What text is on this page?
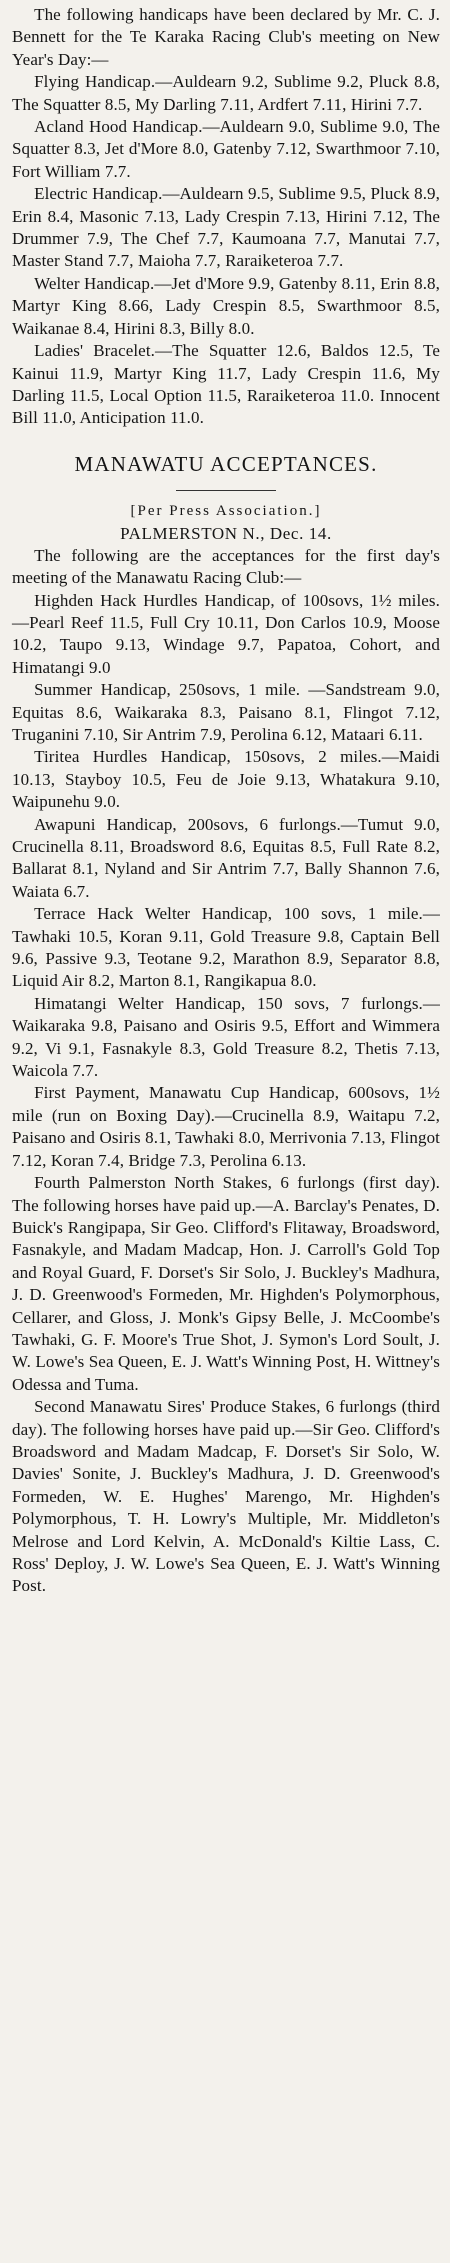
The following handicaps have been declared by Mr. C. J. Bennett for the Te Karaka Racing Club's meeting on New Year's Day:—

Flying Handicap.—Auldearn 9.2, Sublime 9.2, Pluck 8.8, The Squatter 8.5, My Darling 7.11, Ardfert 7.11, Hirini 7.7.

Acland Hood Handicap.—Auldearn 9.0, Sublime 9.0, The Squatter 8.3, Jet d'More 8.0, Gatenby 7.12, Swarthmoor 7.10, Fort William 7.7.

Electric Handicap.—Auldearn 9.5, Sublime 9.5, Pluck 8.9, Erin 8.4, Masonic 7.13, Lady Crespin 7.13, Hirini 7.12, The Drummer 7.9, The Chef 7.7, Kaumoana 7.7, Manutai 7.7, Master Stand 7.7, Maioha 7.7, Raraiketeroa 7.7.

Welter Handicap.—Jet d'More 9.9, Gatenby 8.11, Erin 8.8, Martyr King 8.66, Lady Crespin 8.5, Swarthmoor 8.5, Waikanae 8.4, Hirini 8.3, Billy 8.0.

Ladies' Bracelet.—The Squatter 12.6, Baldos 12.5, Te Kainui 11.9, Martyr King 11.7, Lady Crespin 11.6, My Darling 11.5, Local Option 11.5, Raraiketeroa 11.0. Innocent Bill 11.0, Anticipation 11.0.

MANAWATU ACCEPTANCES.
[Per Press Association.]
PALMERSTON N., Dec. 14.

The following are the acceptances for the first day's meeting of the Manawatu Racing Club:—

Highden Hack Hurdles Handicap, of 100sovs, 1½ miles.—Pearl Reef 11.5, Full Cry 10.11, Don Carlos 10.9, Moose 10.2, Taupo 9.13, Windage 9.7, Papatoa, Cohort, and Himatangi 9.0

Summer Handicap, 250sovs, 1 mile. —Sandstream 9.0, Equitas 8.6, Waikaraka 8.3, Paisano 8.1, Flingot 7.12, Truganini 7.10, Sir Antrim 7.9, Perolina 6.12, Mataari 6.11.

Tiritea Hurdles Handicap, 150sovs, 2 miles.—Maidi 10.13, Stayboy 10.5, Feu de Joie 9.13, Whatakura 9.10, Waipunehu 9.0.

Awapuni Handicap, 200sovs, 6 furlongs.—Tumut 9.0, Crucinella 8.11, Broadsword 8.6, Equitas 8.5, Full Rate 8.2, Ballarat 8.1, Nyland and Sir Antrim 7.7, Bally Shannon 7.6, Waiata 6.7.

Terrace Hack Welter Handicap, 100 sovs, 1 mile.—Tawhaki 10.5, Koran 9.11, Gold Treasure 9.8, Captain Bell 9.6, Passive 9.3, Teotane 9.2, Marathon 8.9, Separator 8.8, Liquid Air 8.2, Marton 8.1, Rangikapua 8.0.

Himatangi Welter Handicap, 150 sovs, 7 furlongs.—Waikaraka 9.8, Paisano and Osiris 9.5, Effort and Wimmera 9.2, Vi 9.1, Fasnakyle 8.3, Gold Treasure 8.2, Thetis 7.13, Waicola 7.7.

First Payment, Manawatu Cup Handicap, 600sovs, 1½ mile (run on Boxing Day).—Crucinella 8.9, Waitapu 7.2, Paisano and Osiris 8.1, Tawhaki 8.0, Merrivonia 7.13, Flingot 7.12, Koran 7.4, Bridge 7.3, Perolina 6.13.

Fourth Palmerston North Stakes, 6 furlongs (first day). The following horses have paid up.—A. Barclay's Penates, D. Buick's Rangipapa, Sir Geo. Clifford's Flitaway, Broadsword, Fasnakyle, and Madam Madcap, Hon. J. Carroll's Gold Top and Royal Guard, F. Dorset's Sir Solo, J. Buckley's Madhura, J. D. Greenwood's Formeden, Mr. Highden's Polymorphous, Cellarer, and Gloss, J. Monk's Gipsy Belle, J. McCoombe's Tawhaki, G. F. Moore's True Shot, J. Symon's Lord Soult, J. W. Lowe's Sea Queen, E. J. Watt's Winning Post, H. Wittney's Odessa and Tuma.

Second Manawatu Sires' Produce Stakes, 6 furlongs (third day). The following horses have paid up.—Sir Geo. Clifford's Broadsword and Madam Madcap, F. Dorset's Sir Solo, W. Davies' Sonite, J. Buckley's Madhura, J. D. Greenwood's Formeden, W. E. Hughes' Marengo, Mr. Highden's Polymorphous, T. H. Lowry's Multiple, Mr. Middleton's Melrose and Lord Kelvin, A. McDonald's Kiltie Lass, C. Ross' Deploy, J. W. Lowe's Sea Queen, E. J. Watt's Winning Post.
